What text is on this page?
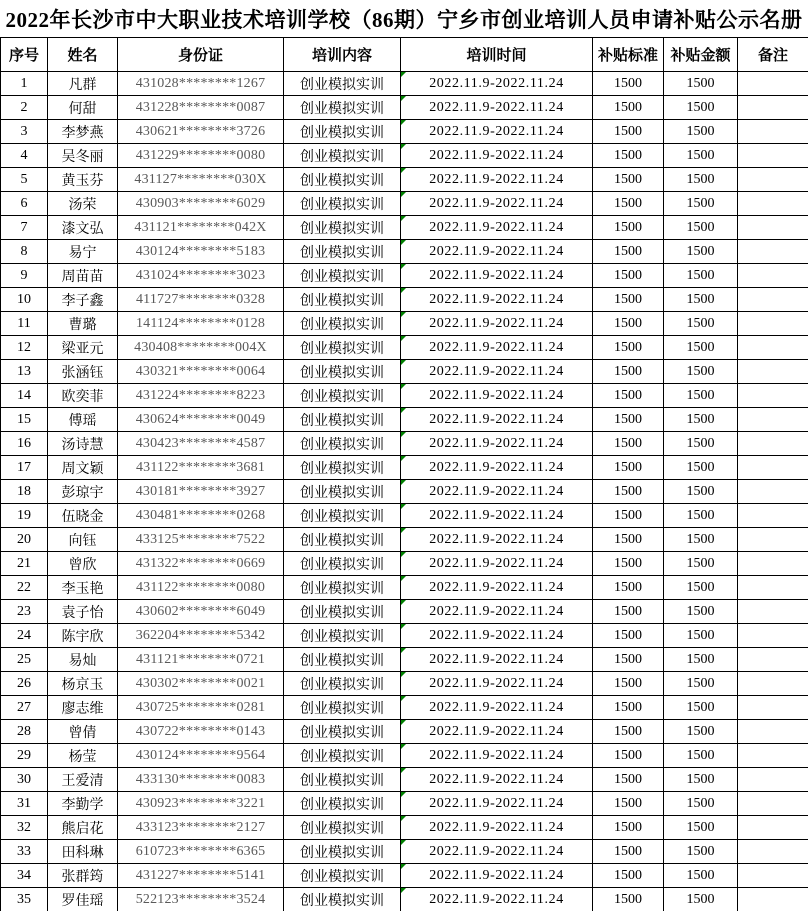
2022年长沙市中大职业技术培训学校（86期）宁乡市创业培训人员申请补贴公示名册
序号	姓名	身份证	培训内容	培训时间	补贴标准	补贴金额	备注
1	凡群	431028********1267	创业模拟实训	2022.11.9-2022.11.24	1500	1500	
2	何甜	431228********0087	创业模拟实训	2022.11.9-2022.11.24	1500	1500	
3	李梦燕	430621********3726	创业模拟实训	2022.11.9-2022.11.24	1500	1500	
4	吴冬丽	431229********0080	创业模拟实训	2022.11.9-2022.11.24	1500	1500	
5	黄玉芬	431127********030X	创业模拟实训	2022.11.9-2022.11.24	1500	1500	
6	汤荣	430903********6029	创业模拟实训	2022.11.9-2022.11.24	1500	1500	
7	漆文弘	431121********042X	创业模拟实训	2022.11.9-2022.11.24	1500	1500	
8	易宁	430124********5183	创业模拟实训	2022.11.9-2022.11.24	1500	1500	
9	周苗苗	431024********3023	创业模拟实训	2022.11.9-2022.11.24	1500	1500	
10	李子鑫	411727********0328	创业模拟实训	2022.11.9-2022.11.24	1500	1500	
11	曹璐	141124********0128	创业模拟实训	2022.11.9-2022.11.24	1500	1500	
12	梁亚元	430408********004X	创业模拟实训	2022.11.9-2022.11.24	1500	1500	
13	张涵钰	430321********0064	创业模拟实训	2022.11.9-2022.11.24	1500	1500	
14	欧奕菲	431224********8223	创业模拟实训	2022.11.9-2022.11.24	1500	1500	
15	傅瑶	430624********0049	创业模拟实训	2022.11.9-2022.11.24	1500	1500	
16	汤诗慧	430423********4587	创业模拟实训	2022.11.9-2022.11.24	1500	1500	
17	周文颖	431122********3681	创业模拟实训	2022.11.9-2022.11.24	1500	1500	
18	彭琼宇	430181********3927	创业模拟实训	2022.11.9-2022.11.24	1500	1500	
19	伍晓金	430481********0268	创业模拟实训	2022.11.9-2022.11.24	1500	1500	
20	向钰	433125********7522	创业模拟实训	2022.11.9-2022.11.24	1500	1500	
21	曾欣	431322********0669	创业模拟实训	2022.11.9-2022.11.24	1500	1500	
22	李玉艳	431122********0080	创业模拟实训	2022.11.9-2022.11.24	1500	1500	
23	袁子怡	430602********6049	创业模拟实训	2022.11.9-2022.11.24	1500	1500	
24	陈宇欣	362204********5342	创业模拟实训	2022.11.9-2022.11.24	1500	1500	
25	易灿	431121********0721	创业模拟实训	2022.11.9-2022.11.24	1500	1500	
26	杨京玉	430302********0021	创业模拟实训	2022.11.9-2022.11.24	1500	1500	
27	廖志维	430725********0281	创业模拟实训	2022.11.9-2022.11.24	1500	1500	
28	曾倩	430722********0143	创业模拟实训	2022.11.9-2022.11.24	1500	1500	
29	杨莹	430124********9564	创业模拟实训	2022.11.9-2022.11.24	1500	1500	
30	王爱清	433130********0083	创业模拟实训	2022.11.9-2022.11.24	1500	1500	
31	李勤学	430923********3221	创业模拟实训	2022.11.9-2022.11.24	1500	1500	
32	熊启花	433123********2127	创业模拟实训	2022.11.9-2022.11.24	1500	1500	
33	田科琳	610723********6365	创业模拟实训	2022.11.9-2022.11.24	1500	1500	
34	张群筠	431227********5141	创业模拟实训	2022.11.9-2022.11.24	1500	1500	
35	罗佳瑶	522123********3524	创业模拟实训	2022.11.9-2022.11.24	1500	1500	
